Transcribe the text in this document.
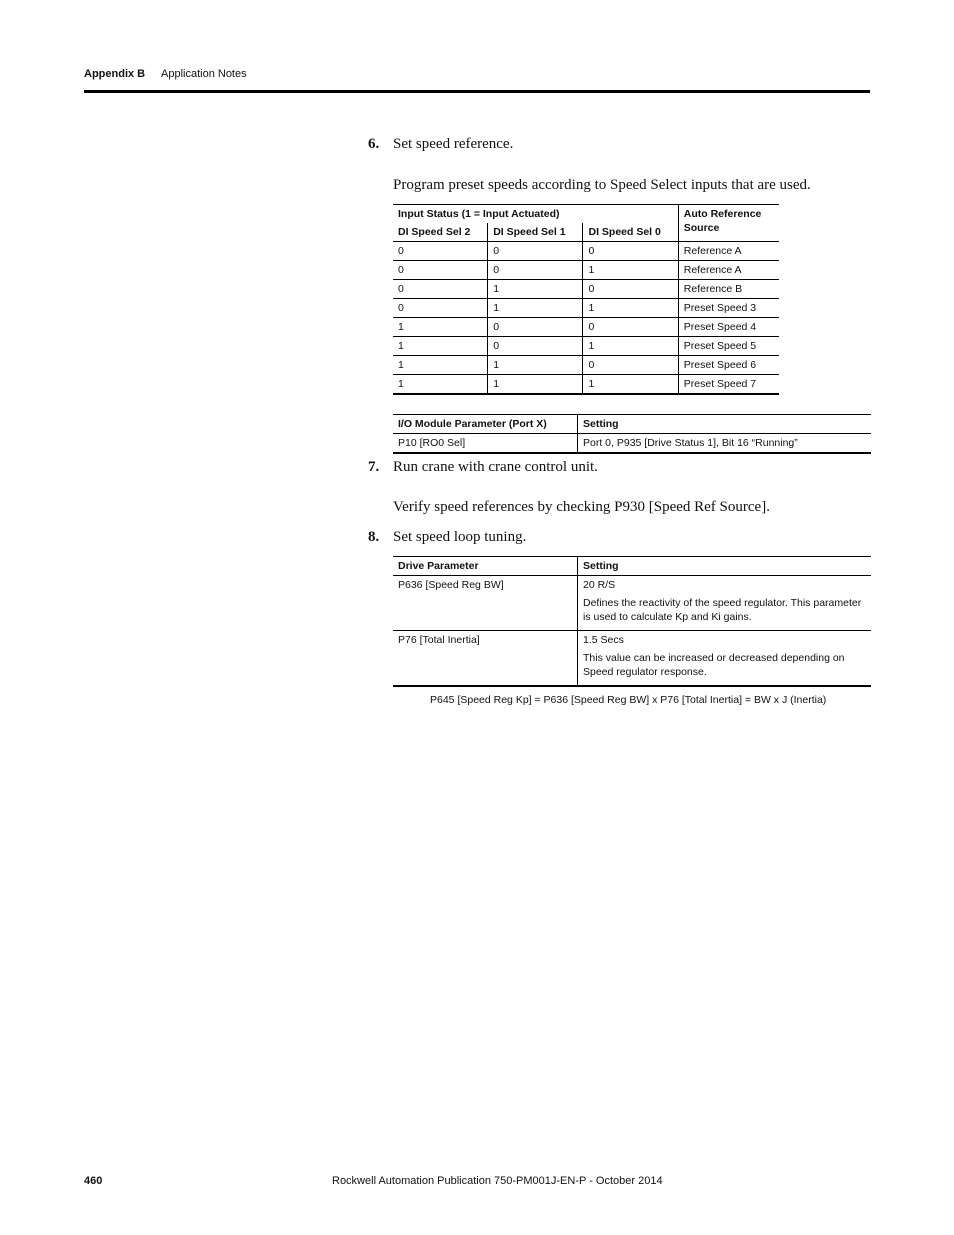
Appendix B Application Notes
6. Set speed reference.
Program preset speeds according to Speed Select inputs that are used.
Input Status (1 = Input Actuated)			Auto Reference
Source

DI Speed Sel 2	DI Speed Sel 1	DI Speed Sel 0	
0	0	0	Reference A
0	0	1	Reference A
0	1	0	Reference B
0	1	1	Preset Speed 3
1	0	0	Preset Speed 4
1	0	1	Preset Speed 5
1	1	0	Preset Speed 6
1	1	1	Preset Speed 7
I/O Module Parameter (Port X)	Setting
P10 [RO0 Sel]	Port 0, P935 [Drive Status 1], Bit 16 “Running”
7. Run crane with crane control unit.
Verify speed references by checking P930 [Speed Ref Source].
8. Set speed loop tuning.
Drive Parameter	Setting
P636 [Speed Reg BW]	20 R/S
Defines the reactivity of the speed regulator. This parameter is used to calculate Kp and Ki gains.

P76 [Total Inertia]	1.5 Secs
This value can be increased or decreased depending on Speed regulator response.
P645 [Speed Reg Kp] = P636 [Speed Reg BW] x P76 [Total Inertia] = BW x J (Inertia)
460	Rockwell Automation Publication 750-PM001J-EN-P - October 2014
